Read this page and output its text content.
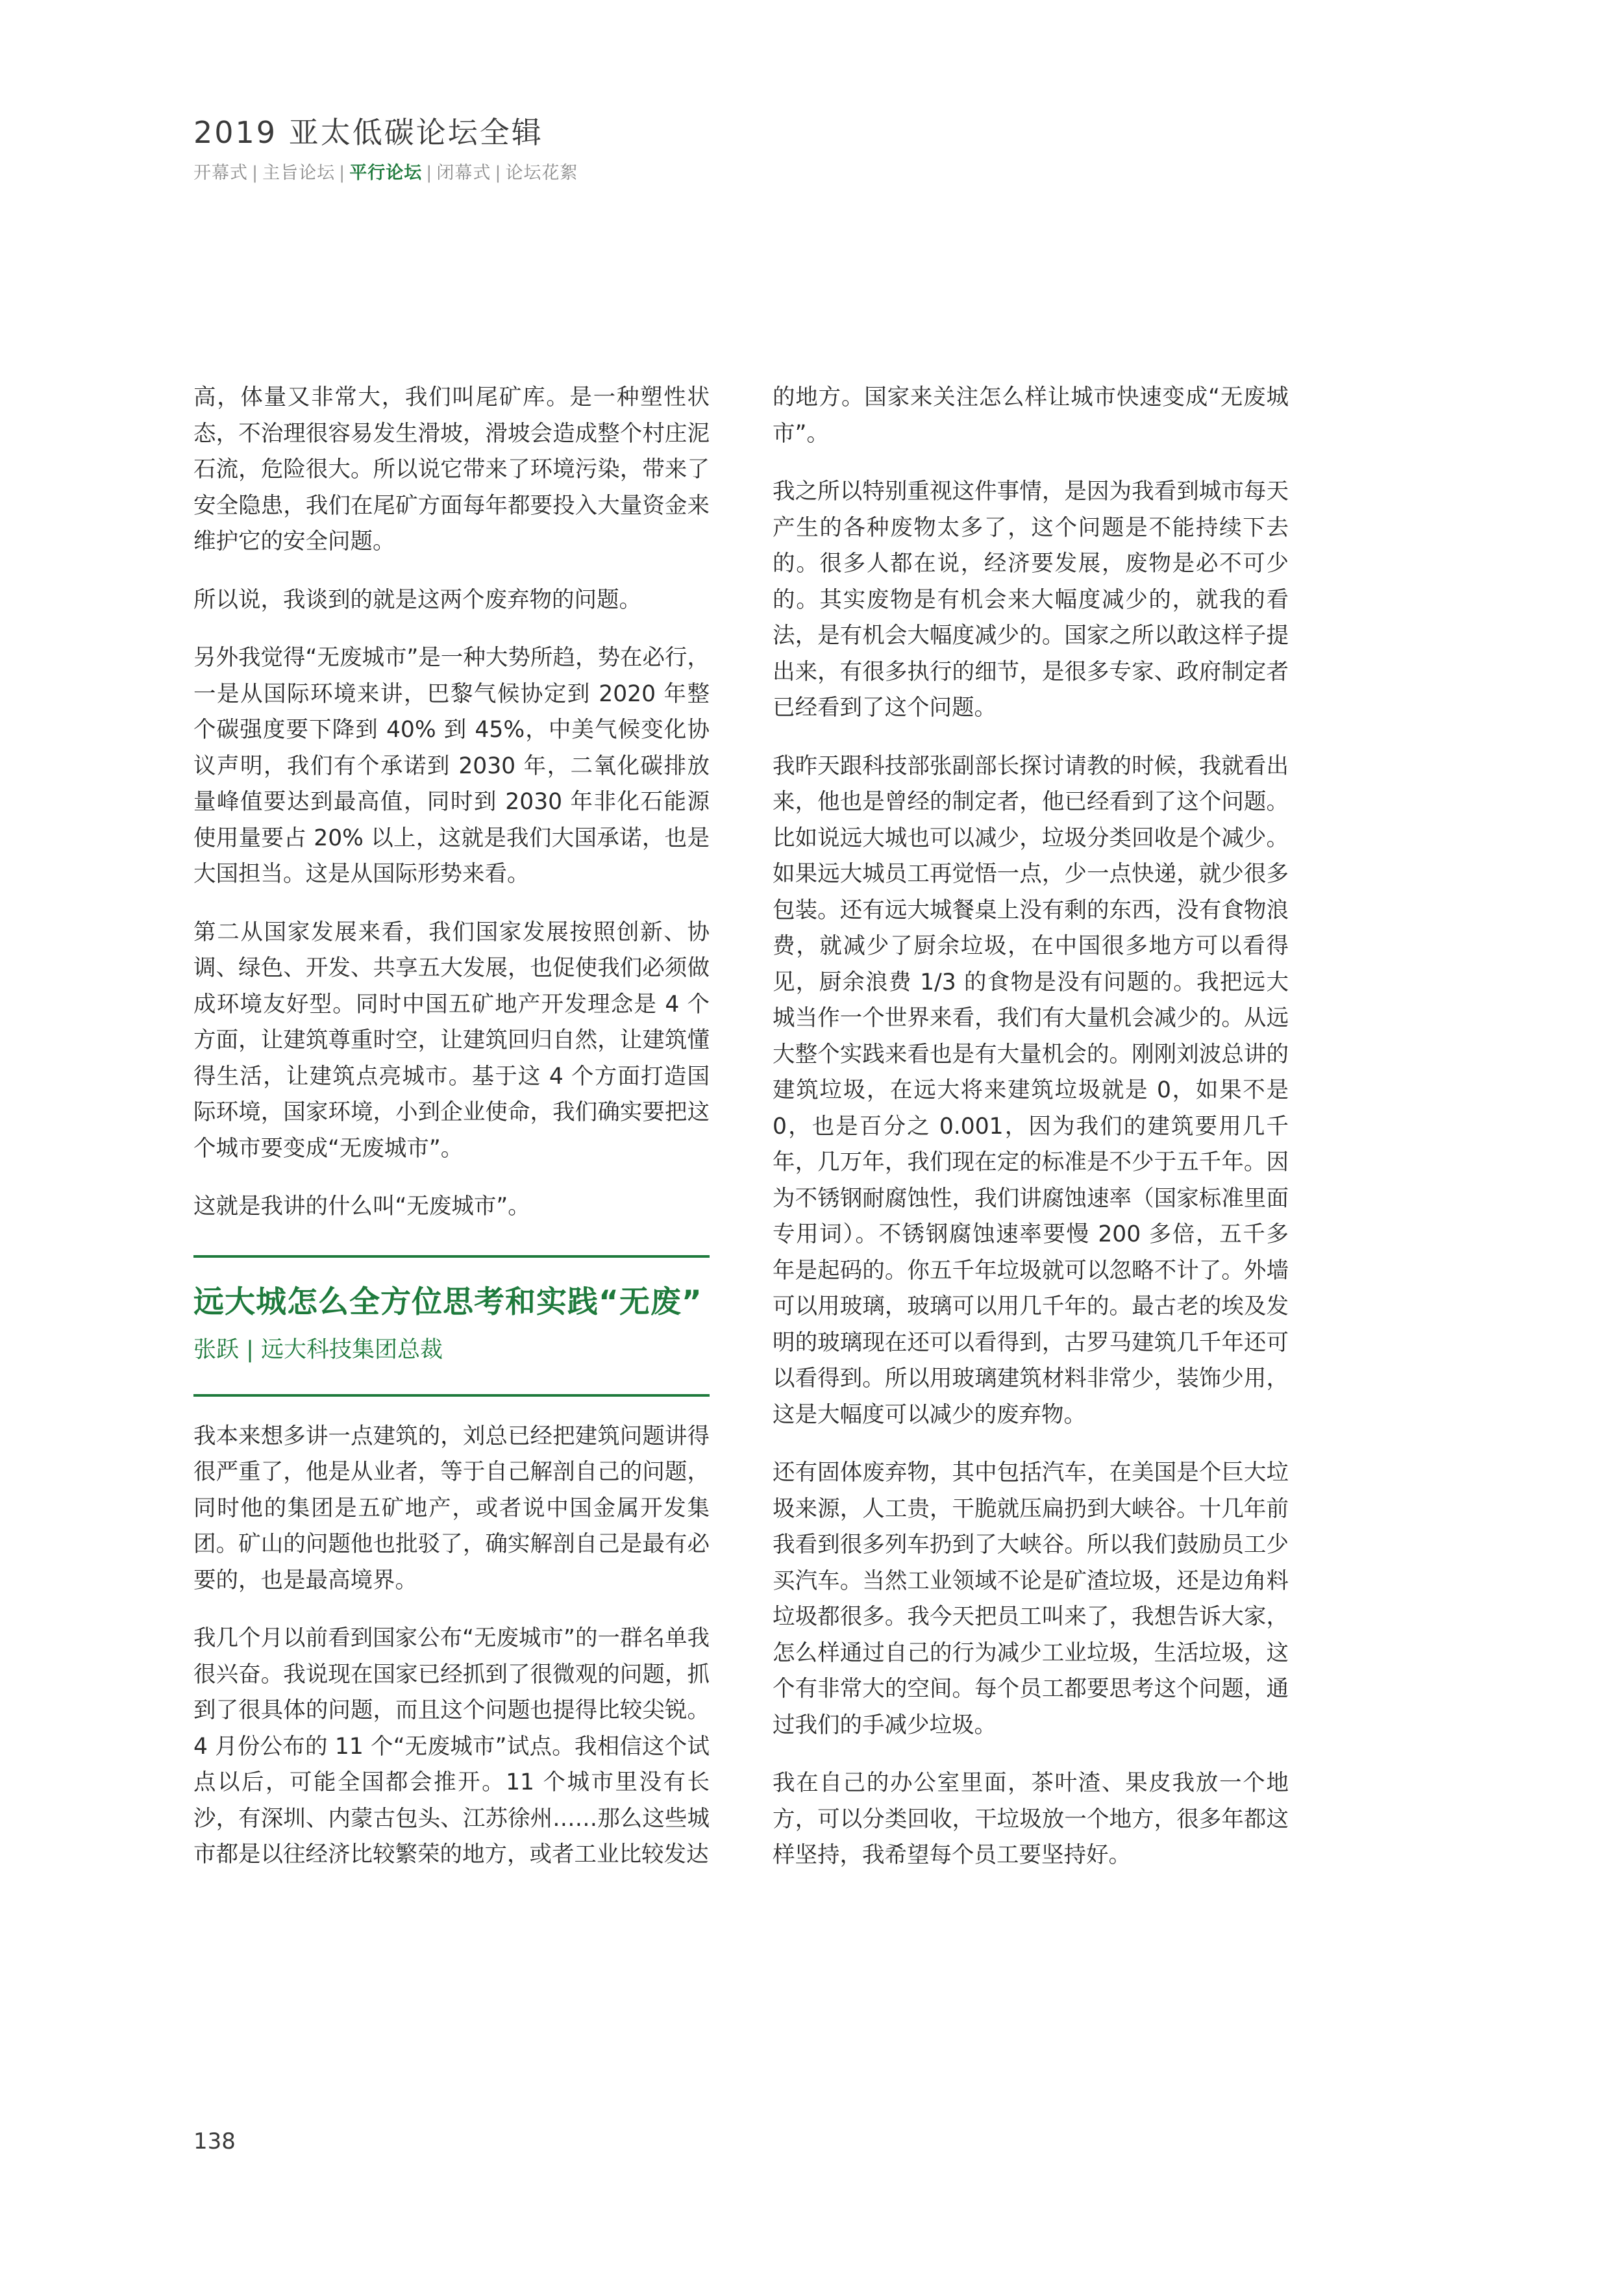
2019 亚太低碳论坛全辑
开幕式 | 主旨论坛 | 平行论坛 | 闭幕式 | 论坛花絮

高，体量又非常大，我们叫尾矿库。是一种塑性状态，不治理很容易发生滑坡，滑坡会造成整个村庄泥石流，危险很大。所以说它带来了环境污染，带来了安全隐患，我们在尾矿方面每年都要投入大量资金来维护它的安全问题。

所以说，我谈到的就是这两个废弃物的问题。

另外我觉得“无废城市”是一种大势所趋，势在必行，一是从国际环境来讲，巴黎气候协定到 2020 年整个碳强度要下降到 40% 到 45%，中美气候变化协议声明，我们有个承诺到 2030 年，二氧化碳排放量峰值要达到最高值，同时到 2030 年非化石能源使用量要占 20% 以上，这就是我们大国承诺，也是大国担当。这是从国际形势来看。

第二从国家发展来看，我们国家发展按照创新、协调、绿色、开发、共享五大发展，也促使我们必须做成环境友好型。同时中国五矿地产开发理念是 4 个方面，让建筑尊重时空，让建筑回归自然，让建筑懂得生活，让建筑点亮城市。基于这 4 个方面打造国际环境，国家环境，小到企业使命，我们确实要把这个城市要变成“无废城市”。

这就是我讲的什么叫“无废城市”。

远大城怎么全方位思考和实践“无废”
张跃 | 远大科技集团总裁

我本来想多讲一点建筑的，刘总已经把建筑问题讲得很严重了，他是从业者，等于自己解剖自己的问题，同时他的集团是五矿地产，或者说中国金属开发集团。矿山的问题他也批驳了，确实解剖自己是最有必要的，也是最高境界。

我几个月以前看到国家公布“无废城市”的一群名单我很兴奋。我说现在国家已经抓到了很微观的问题，抓到了很具体的问题，而且这个问题也提得比较尖锐。4 月份公布的 11 个“无废城市”试点。我相信这个试点以后，可能全国都会推开。11 个城市里没有长沙，有深圳、内蒙古包头、江苏徐州……那么这些城市都是以往经济比较繁荣的地方，或者工业比较发达

的地方。国家来关注怎么样让城市快速变成“无废城市”。

我之所以特别重视这件事情，是因为我看到城市每天产生的各种废物太多了，这个问题是不能持续下去的。很多人都在说，经济要发展，废物是必不可少的。其实废物是有机会来大幅度减少的，就我的看法，是有机会大幅度减少的。国家之所以敢这样子提出来，有很多执行的细节，是很多专家、政府制定者已经看到了这个问题。

我昨天跟科技部张副部长探讨请教的时候，我就看出来，他也是曾经的制定者，他已经看到了这个问题。比如说远大城也可以减少，垃圾分类回收是个减少。如果远大城员工再觉悟一点，少一点快递，就少很多包装。还有远大城餐桌上没有剩的东西，没有食物浪费，就减少了厨余垃圾，在中国很多地方可以看得见，厨余浪费 1/3 的食物是没有问题的。我把远大城当作一个世界来看，我们有大量机会减少的。从远大整个实践来看也是有大量机会的。刚刚刘波总讲的建筑垃圾，在远大将来建筑垃圾就是 0，如果不是 0，也是百分之 0.001，因为我们的建筑要用几千年，几万年，我们现在定的标准是不少于五千年。因为不锈钢耐腐蚀性，我们讲腐蚀速率（国家标准里面专用词）。不锈钢腐蚀速率要慢 200 多倍，五千多年是起码的。你五千年垃圾就可以忽略不计了。外墙可以用玻璃，玻璃可以用几千年的。最古老的埃及发明的玻璃现在还可以看得到，古罗马建筑几千年还可以看得到。所以用玻璃建筑材料非常少，装饰少用，这是大幅度可以减少的废弃物。

还有固体废弃物，其中包括汽车，在美国是个巨大垃圾来源，人工贵，干脆就压扁扔到大峡谷。十几年前我看到很多列车扔到了大峡谷。所以我们鼓励员工少买汽车。当然工业领域不论是矿渣垃圾，还是边角料垃圾都很多。我今天把员工叫来了，我想告诉大家，怎么样通过自己的行为减少工业垃圾，生活垃圾，这个有非常大的空间。每个员工都要思考这个问题，通过我们的手减少垃圾。

我在自己的办公室里面，茶叶渣、果皮我放一个地方，可以分类回收，干垃圾放一个地方，很多年都这样坚持，我希望每个员工要坚持好。

138
